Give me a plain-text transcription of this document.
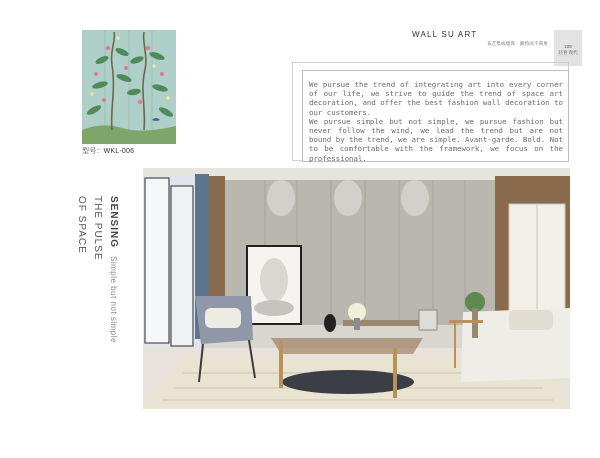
型号：WKL-006
WALL SU ART
布艺集成墙饰 · 源约而不简单
109
轻奢 现代

We pursue the trend of integrating art into every corner of our life, we strive to guide the trend of space art decoration, and offer the best fashion wall decoration to our customers.

We pursue simple but not simple, we pursue fashion but never follow the wind, we lead the trend but are not bound by the trend, we are simple. Avant-garde. Bold. Not to be comfortable with the framework, we focus on the professional.

SENSING
Simple but not simple
THE PULSE
OF SPACE
